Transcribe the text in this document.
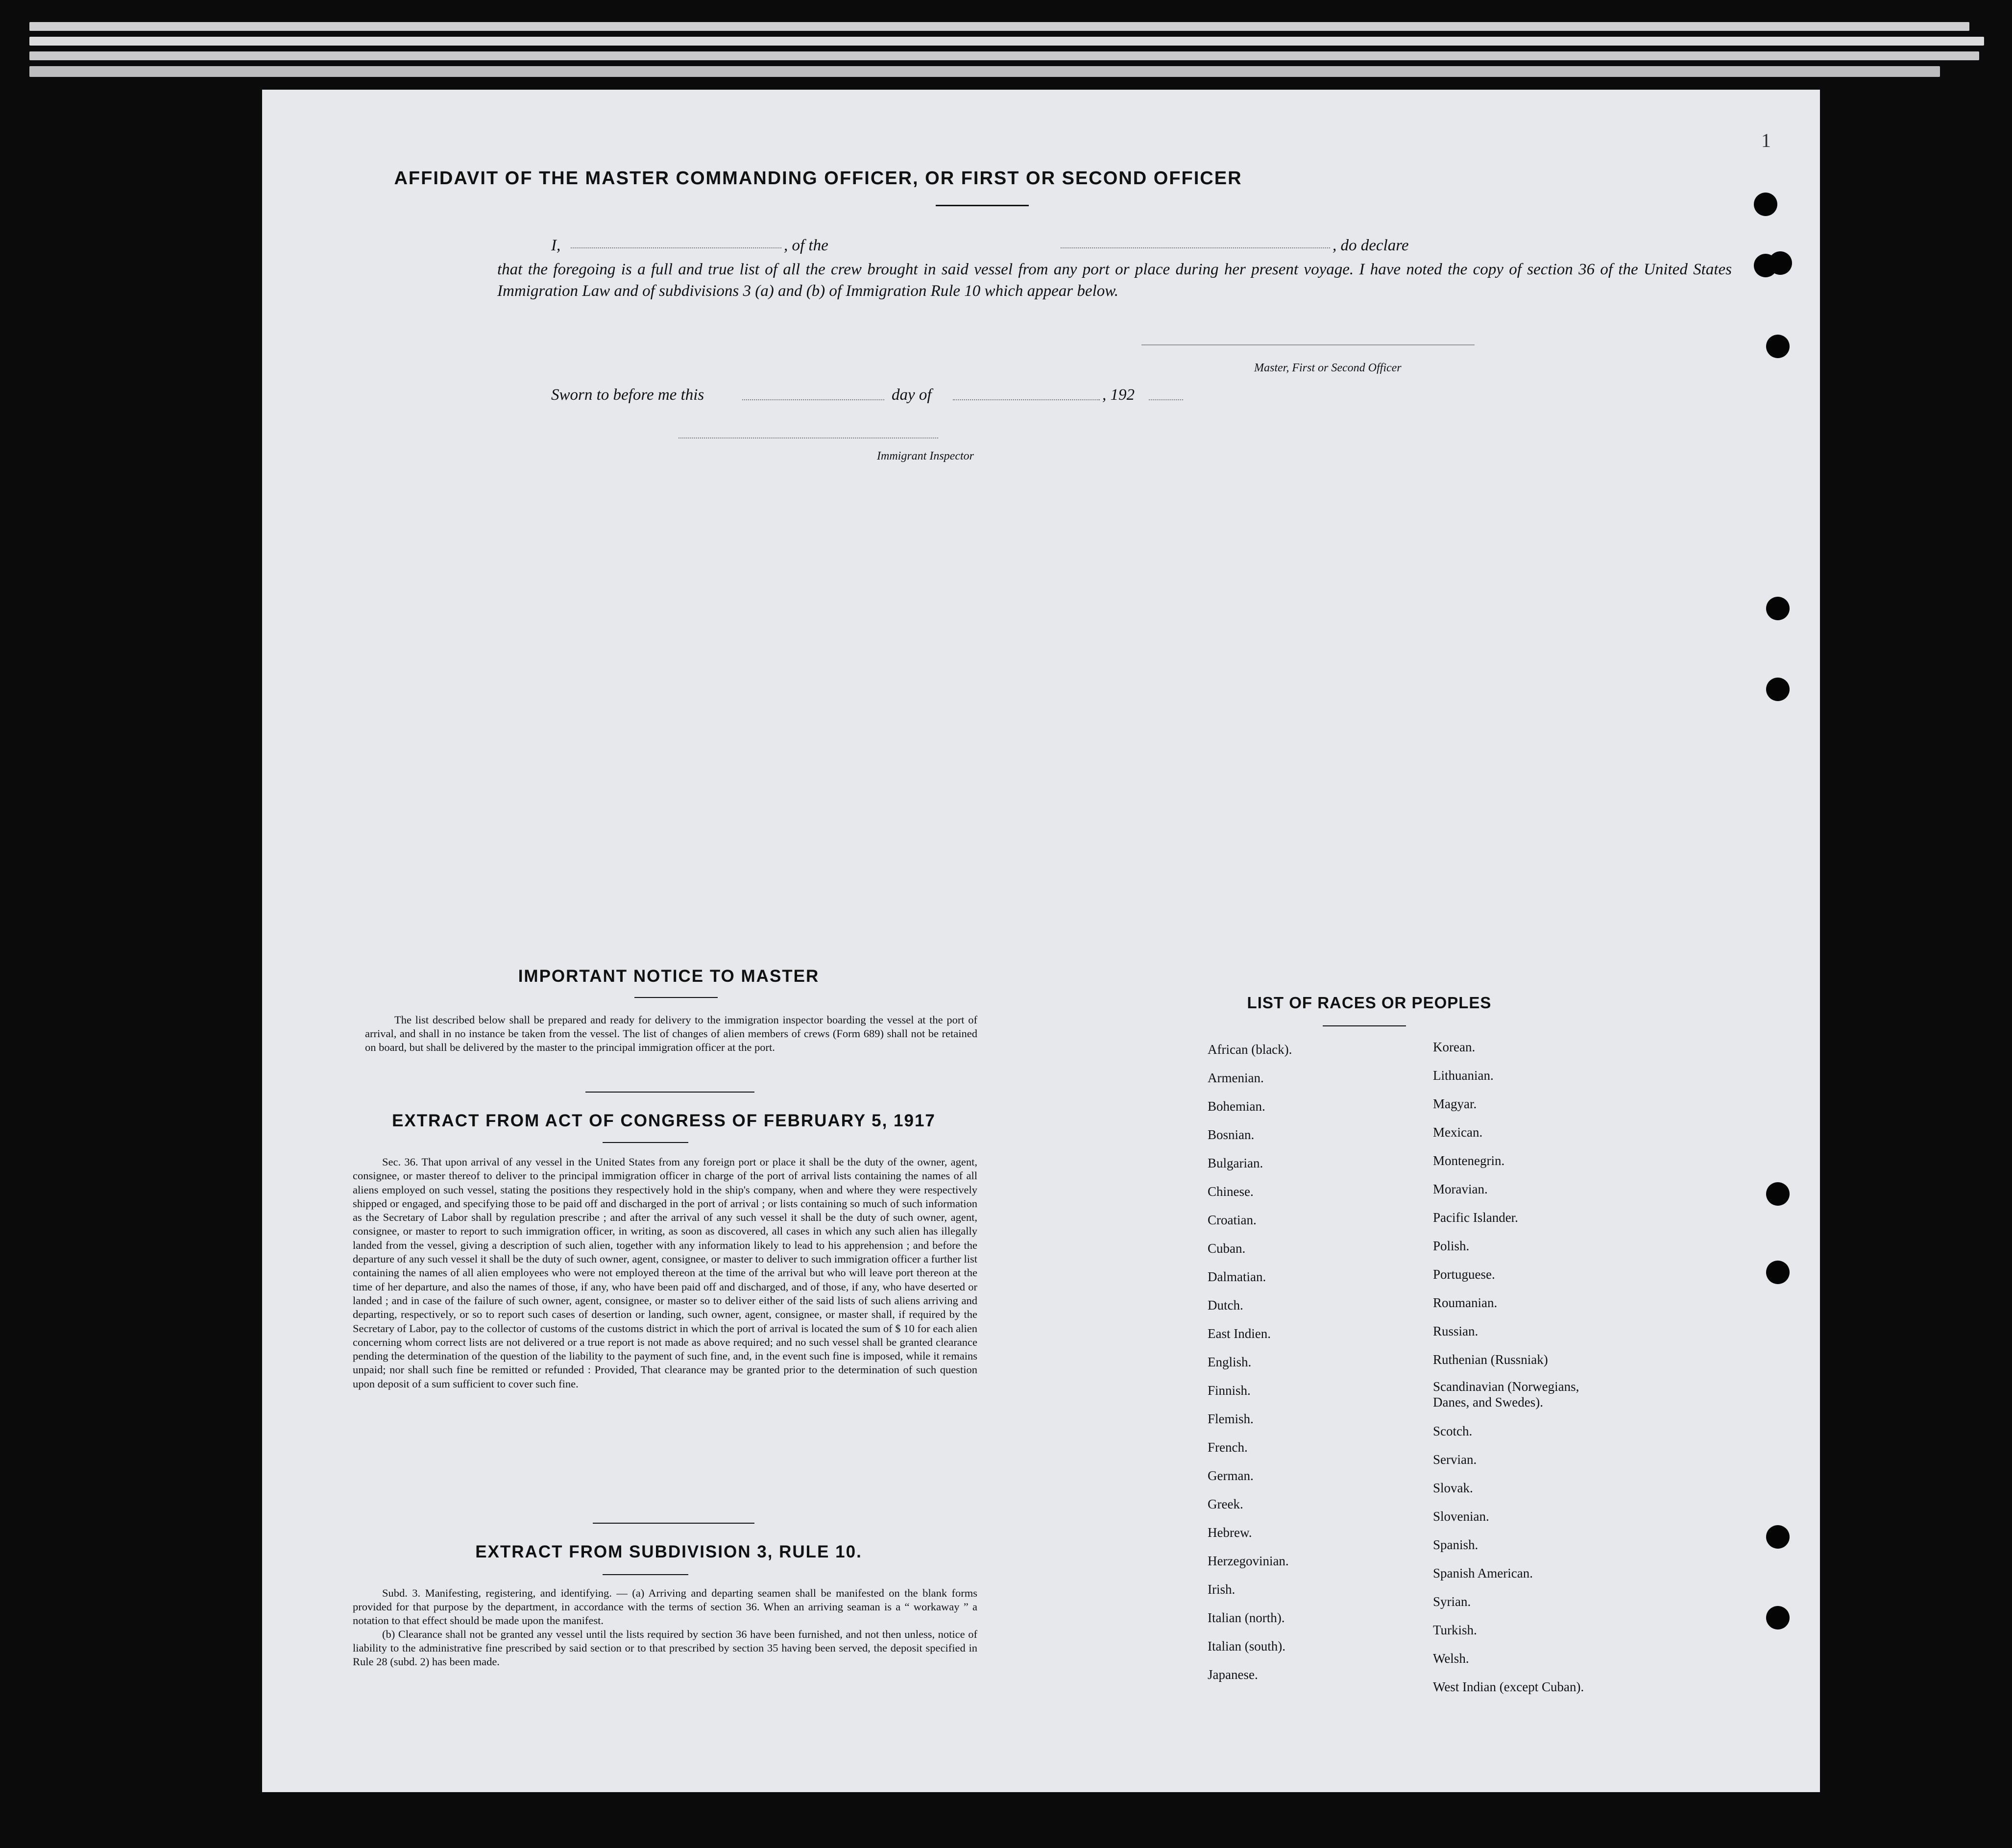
1
AFFIDAVIT OF THE MASTER COMMANDING OFFICER, OR FIRST OR SECOND OFFICER
I,	, of the	, do declare
that the foregoing is a full and true list of all the crew brought in said vessel from any port or place during her present voyage. I have noted the copy of section 36 of the United States Immigration Law and of subdivisions 3 (a) and (b) of Immigration Rule 10 which appear below.
Master, First or Second Officer
Sworn to before me this	day of	, 192
Immigrant Inspector
IMPORTANT NOTICE TO MASTER

The list described below shall be prepared and ready for delivery to the immigration inspector boarding the vessel at the port of arrival, and shall in no instance be taken from the vessel. The list of changes of alien members of crews (Form 689) shall not be retained on board, but shall be delivered by the master to the principal immigration officer at the port.

EXTRACT FROM ACT OF CONGRESS OF FEBRUARY 5, 1917

Sec. 36. That upon arrival of any vessel in the United States from any foreign port or place it shall be the duty of the owner, agent, consignee, or master thereof to deliver to the principal immigration officer in charge of the port of arrival lists containing the names of all aliens employed on such vessel, stating the positions they respectively hold in the ship's company, when and where they were respectively shipped or engaged, and specifying those to be paid off and discharged in the port of arrival ; or lists containing so much of such information as the Secretary of Labor shall by regulation prescribe ; and after the arrival of any such vessel it shall be the duty of such owner, agent, consignee, or master to report to such immigration officer, in writing, as soon as discovered, all cases in which any such alien has illegally landed from the vessel, giving a description of such alien, together with any information likely to lead to his apprehension ; and before the departure of any such vessel it shall be the duty of such owner, agent, consignee, or master to deliver to such immigration officer a further list containing the names of all alien employees who were not employed thereon at the time of the arrival but who will leave port thereon at the time of her departure, and also the names of those, if any, who have been paid off and discharged, and of those, if any, who have deserted or landed ; and in case of the failure of such owner, agent, consignee, or master so to deliver either of the said lists of such aliens arriving and departing, respectively, or so to report such cases of desertion or landing, such owner, agent, consignee, or master shall, if required by the Secretary of Labor, pay to the collector of customs of the customs district in which the port of arrival is located the sum of $ 10 for each alien concerning whom correct lists are not delivered or a true report is not made as above required; and no such vessel shall be granted clearance pending the determination of the question of the liability to the payment of such fine, and, in the event such fine is imposed, while it remains unpaid; nor shall such fine be remitted or refunded : Provided, That clearance may be granted prior to the determination of such question upon deposit of a sum sufficient to cover such fine.

EXTRACT FROM SUBDIVISION 3, RULE 10.

Subd. 3. Manifesting, registering, and identifying. — (a) Arriving and departing seamen shall be manifested on the blank forms provided for that purpose by the department, in accordance with the terms of section 36. When an arriving seaman is a “ workaway ” a notation to that effect should be made upon the manifest.

(b) Clearance shall not be granted any vessel until the lists required by section 36 have been furnished, and not then unless, notice of liability to the administrative fine prescribed by said section or to that prescribed by section 35 having been served, the deposit specified in Rule 28 (subd. 2) has been made.

LIST OF RACES OR PEOPLES
African (black).
Armenian.
Bohemian.
Bosnian.
Bulgarian.
Chinese.
Croatian.
Cuban.
Dalmatian.
Dutch.
East Indien.
English.
Finnish.
Flemish.
French.
German.
Greek.
Hebrew.
Herzegovinian.
Irish.
Italian (north).
Italian (south).
Japanese.
Korean.
Lithuanian.
Magyar.
Mexican.
Montenegrin.
Moravian.
Pacific Islander.
Polish.
Portuguese.
Roumanian.
Russian.
Ruthenian (Russniak)
Scandinavian (Norwegians,
Danes, and Swedes).
Scotch.
Servian.
Slovak.
Slovenian.
Spanish.
Spanish American.
Syrian.
Turkish.
Welsh.
West Indian (except Cuban).
